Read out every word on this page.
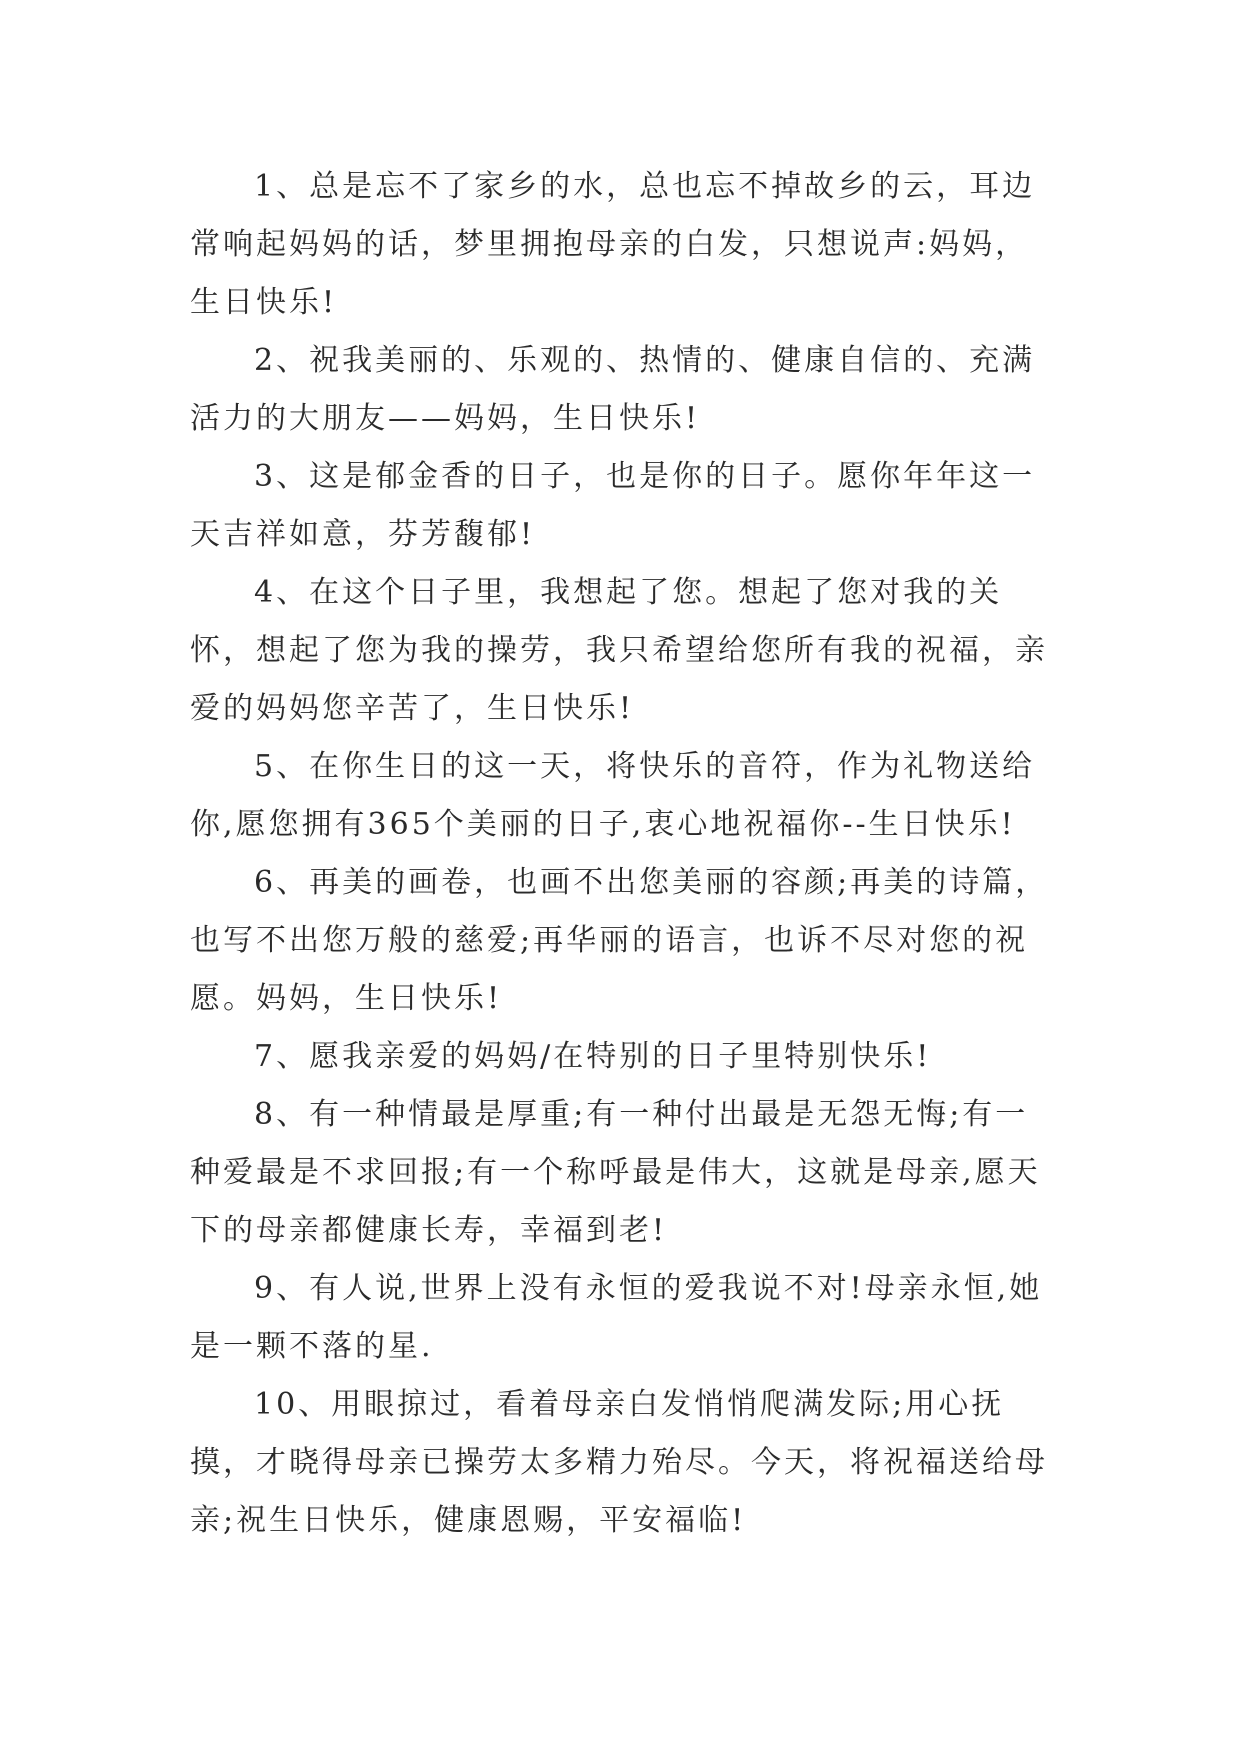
1、总是忘不了家乡的水，总也忘不掉故乡的云，耳边常响起妈妈的话，梦里拥抱母亲的白发，只想说声:妈妈，生日快乐!

2、祝我美丽的、乐观的、热情的、健康自信的、充满活力的大朋友——妈妈，生日快乐!

3、这是郁金香的日子，也是你的日子。愿你年年这一天吉祥如意，芬芳馥郁!

4、在这个日子里，我想起了您。想起了您对我的关怀，想起了您为我的操劳，我只希望给您所有我的祝福，亲爱的妈妈您辛苦了，生日快乐!

5、在你生日的这一天，将快乐的音符，作为礼物送给你,愿您拥有365个美丽的日子,衷心地祝福你--生日快乐!

6、再美的画卷，也画不出您美丽的容颜;再美的诗篇，也写不出您万般的慈爱;再华丽的语言，也诉不尽对您的祝愿。妈妈，生日快乐!

7、愿我亲爱的妈妈/在特别的日子里特别快乐!

8、有一种情最是厚重;有一种付出最是无怨无悔;有一种爱最是不求回报;有一个称呼最是伟大，这就是母亲,愿天下的母亲都健康长寿，幸福到老!

9、有人说,世界上没有永恒的爱我说不对!母亲永恒,她是一颗不落的星.

10、用眼掠过，看着母亲白发悄悄爬满发际;用心抚摸，才晓得母亲已操劳太多精力殆尽。今天，将祝福送给母亲;祝生日快乐，健康恩赐，平安福临!
